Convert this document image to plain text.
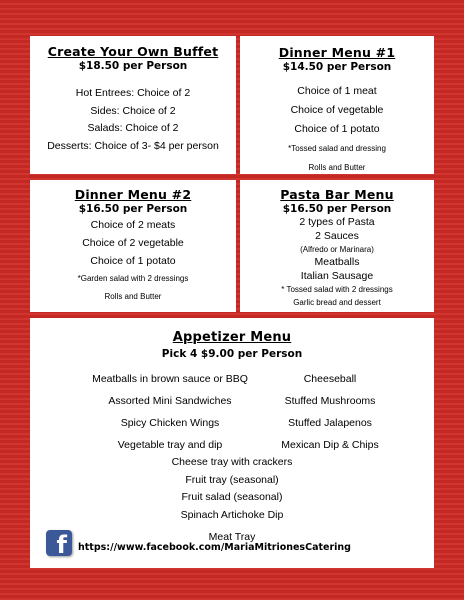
Create Your Own Buffet

$18.50 per Person

Hot Entrees: Choice of 2

Sides: Choice of 2

Salads: Choice of 2

Desserts: Choice of 3- $4 per person

Dinner Menu #1

$14.50 per Person

Choice of 1 meat

Choice of vegetable

Choice of 1 potato

*Tossed salad and dressing

Rolls and Butter

Dinner Menu #2

$16.50 per Person

Choice of 2 meats

Choice of 2 vegetable

Choice of 1 potato

*Garden salad with 2 dressings

Rolls and Butter

Pasta Bar Menu

$16.50 per Person

2 types of Pasta

2 Sauces

(Alfredo or Marinara)

Meatballs

Italian Sausage

* Tossed salad with 2 dressings

Garlic bread and dessert

Appetizer Menu

Pick 4 $9.00 per Person

Meatballs in brown sauce or BBQ	Cheeseball
Assorted Mini Sandwiches	Stuffed Mushrooms
Spicy Chicken Wings	Stuffed Jalapenos
Vegetable tray and dip	Mexican Dip & Chips

Cheese tray with crackers

Fruit tray (seasonal)

Fruit salad (seasonal)

Spinach Artichoke Dip

Meat Tray

f https://www.facebook.com/MariaMitrionesCatering
